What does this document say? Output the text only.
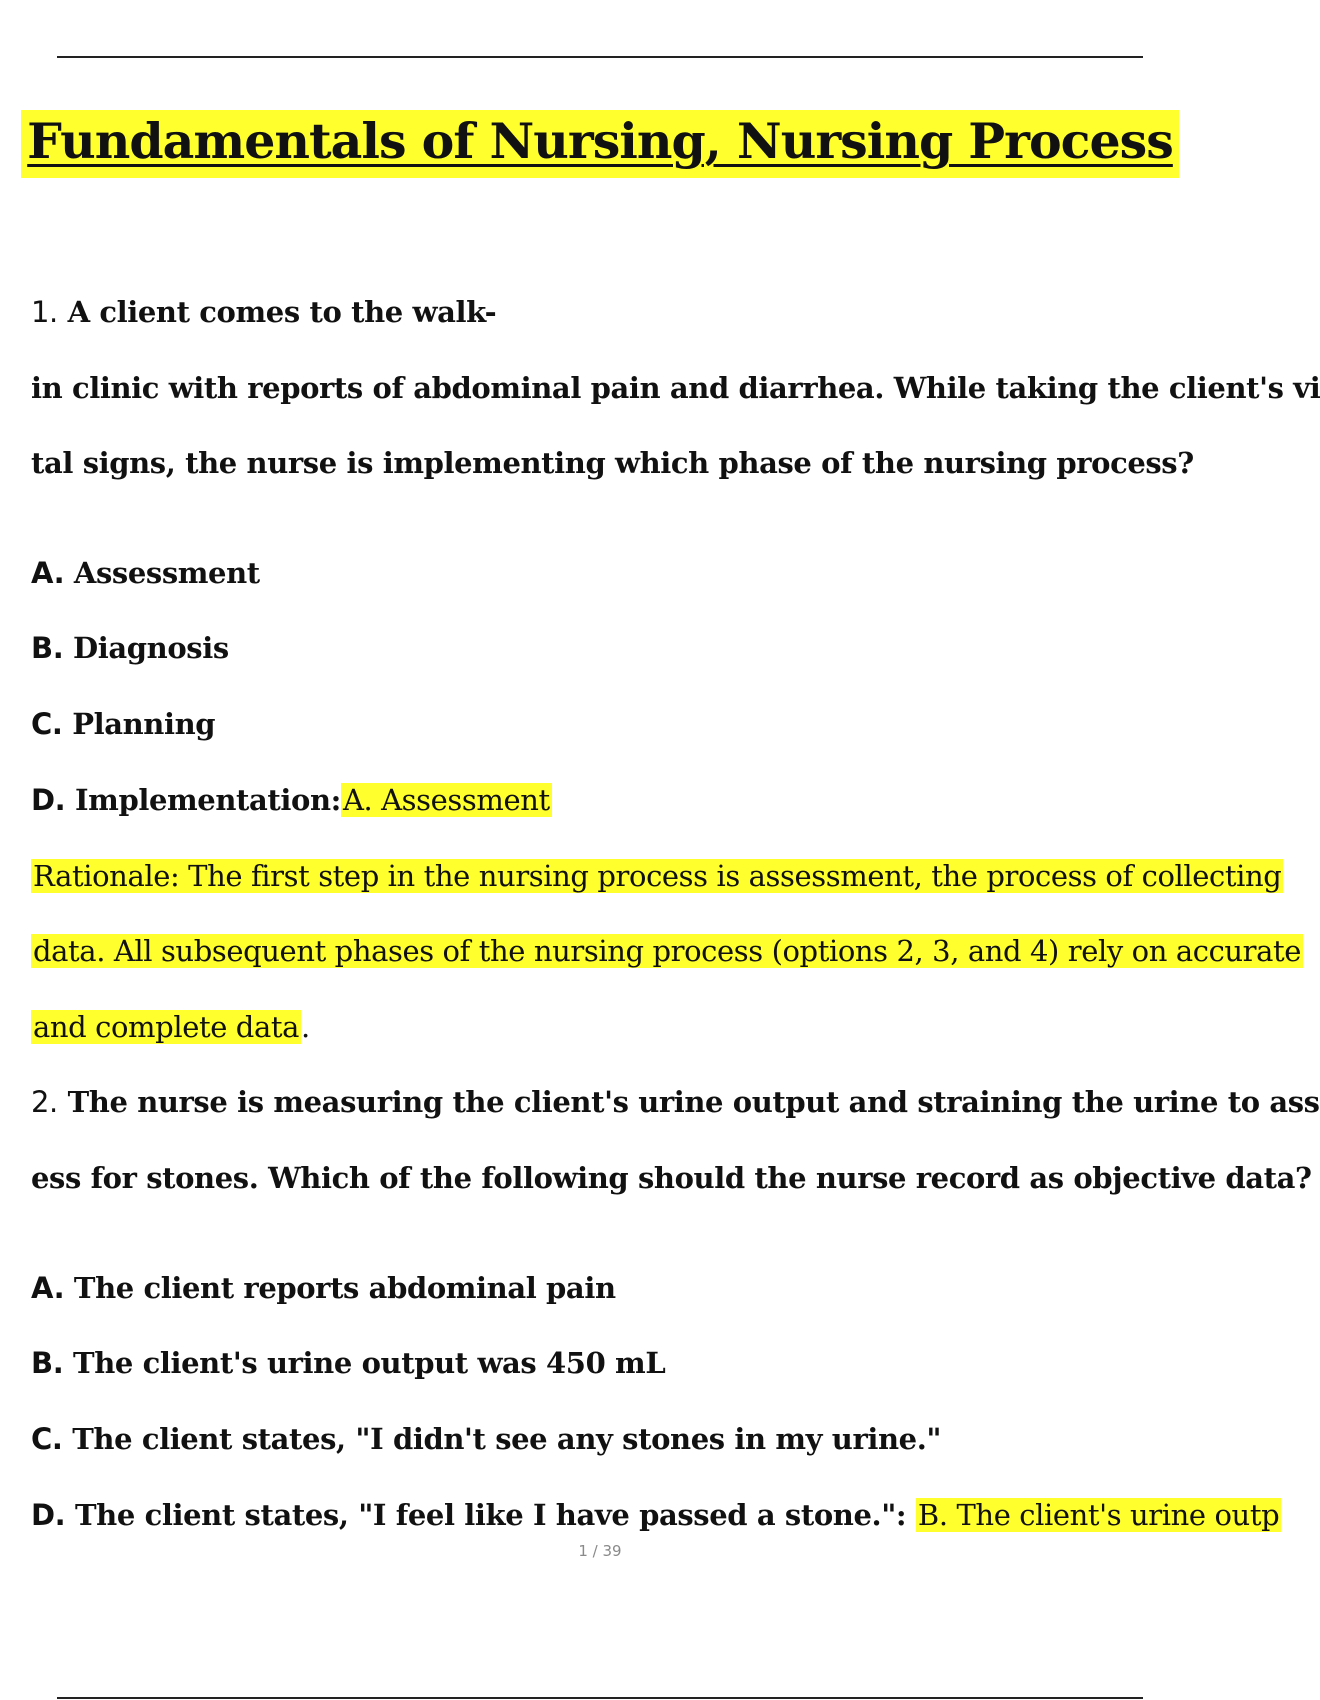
Fundamentals of Nursing, Nursing Process
1. A client comes to the walk-
in clinic with reports of abdominal pain and diarrhea. While taking the client's vi
tal signs, the nurse is implementing which phase of the nursing process?
A. Assessment
B. Diagnosis
C. Planning
D. Implementation:A. Assessment
Rationale: The first step in the nursing process is assessment, the process of collecting
data. All subsequent phases of the nursing process (options 2, 3, and 4) rely on accurate
and complete data.
2. The nurse is measuring the client's urine output and straining the urine to ass
ess for stones. Which of the following should the nurse record as objective data?
A. The client reports abdominal pain
B. The client's urine output was 450 mL
C. The client states, "I didn't see any stones in my urine."
D. The client states, "I feel like I have passed a stone.": B. The client's urine outp
1 / 39
